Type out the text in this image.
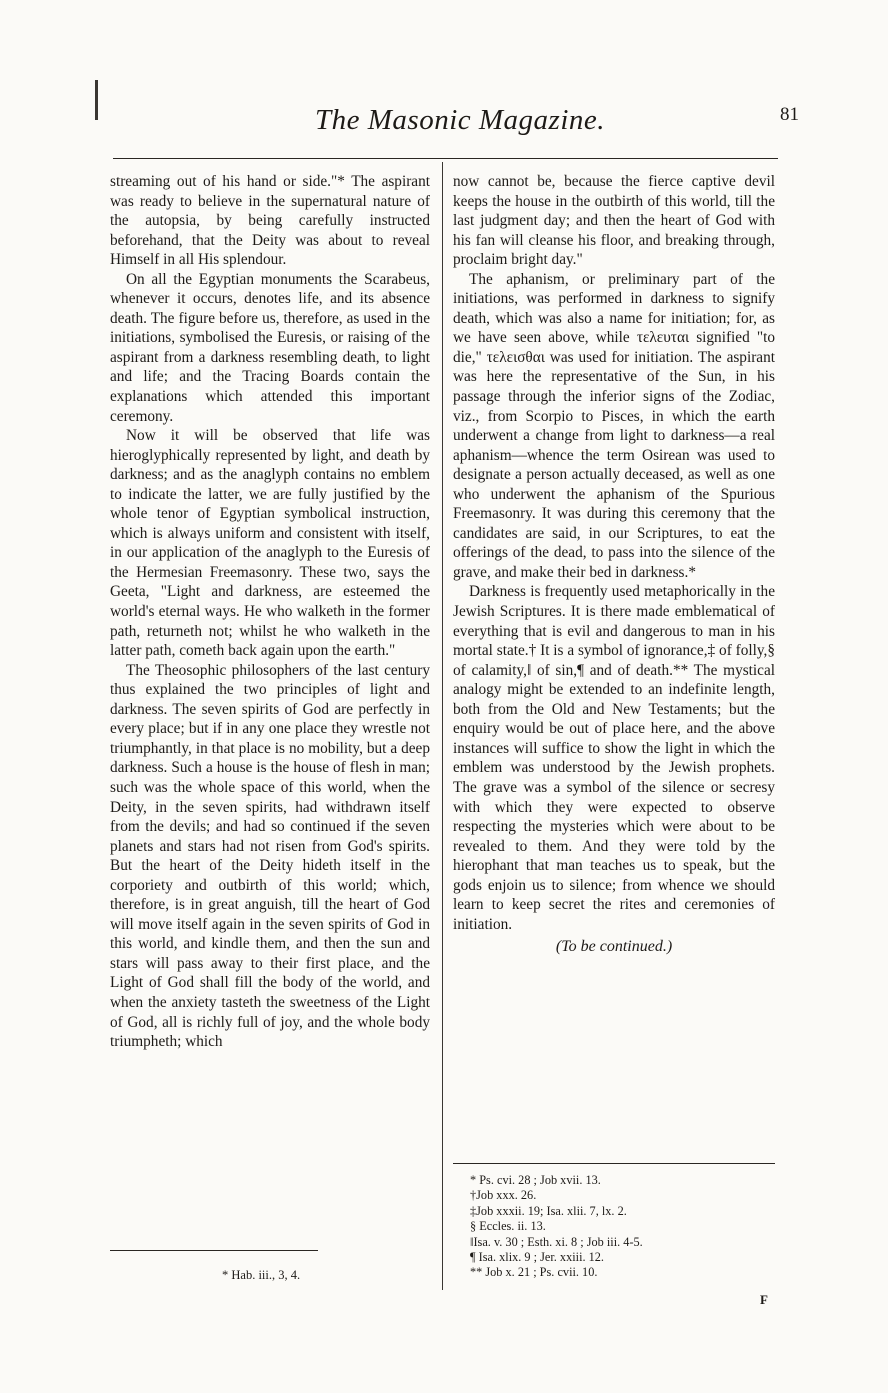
The Masonic Magazine.	81

streaming out of his hand or side."* The aspirant was ready to believe in the supernatural nature of the autopsia, by being carefully instructed beforehand, that the Deity was about to reveal Himself in all His splendour.

On all the Egyptian monuments the Scarabeus, whenever it occurs, denotes life, and its absence death. The figure before us, therefore, as used in the initiations, symbolised the Euresis, or raising of the aspirant from a darkness resembling death, to light and life; and the Tracing Boards contain the explanations which attended this important ceremony.

Now it will be observed that life was hieroglyphically represented by light, and death by darkness; and as the anaglyph contains no emblem to indicate the latter, we are fully justified by the whole tenor of Egyptian symbolical instruction, which is always uniform and consistent with itself, in our application of the anaglyph to the Euresis of the Hermesian Freemasonry. These two, says the Geeta, "Light and darkness, are esteemed the world's eternal ways. He who walketh in the former path, returneth not; whilst he who walketh in the latter path, cometh back again upon the earth."

The Theosophic philosophers of the last century thus explained the two principles of light and darkness. The seven spirits of God are perfectly in every place; but if in any one place they wrestle not triumphantly, in that place is no mobility, but a deep darkness. Such a house is the house of flesh in man; such was the whole space of this world, when the Deity, in the seven spirits, had withdrawn itself from the devils; and had so continued if the seven planets and stars had not risen from God's spirits. But the heart of the Deity hideth itself in the corporiety and outbirth of this world; which, therefore, is in great anguish, till the heart of God will move itself again in the seven spirits of God in this world, and kindle them, and then the sun and stars will pass away to their first place, and the Light of God shall fill the body of the world, and when the anxiety tasteth the sweetness of the Light of God, all is richly full of joy, and the whole body triumpheth; which

* Hab. iii., 3, 4.

now cannot be, because the fierce captive devil keeps the house in the outbirth of this world, till the last judgment day; and then the heart of God with his fan will cleanse his floor, and breaking through, proclaim bright day."

The aphanism, or preliminary part of the initiations, was performed in darkness to signify death, which was also a name for initiation; for, as we have seen above, while τελευται signified "to die," τελεισθαι was used for initiation. The aspirant was here the representative of the Sun, in his passage through the inferior signs of the Zodiac, viz., from Scorpio to Pisces, in which the earth underwent a change from light to darkness—a real aphanism—whence the term Osirean was used to designate a person actually deceased, as well as one who underwent the aphanism of the Spurious Freemasonry. It was during this ceremony that the candidates are said, in our Scriptures, to eat the offerings of the dead, to pass into the silence of the grave, and make their bed in darkness.*

Darkness is frequently used metaphorically in the Jewish Scriptures. It is there made emblematical of everything that is evil and dangerous to man in his mortal state.† It is a symbol of ignorance,‡ of folly,§ of calamity,‖ of sin,¶ and of death.** The mystical analogy might be extended to an indefinite length, both from the Old and New Testaments; but the enquiry would be out of place here, and the above instances will suffice to show the light in which the emblem was understood by the Jewish prophets. The grave was a symbol of the silence or secresy with which they were expected to observe respecting the mysteries which were about to be revealed to them. And they were told by the hierophant that man teaches us to speak, but the gods enjoin us to silence; from whence we should learn to keep secret the rites and ceremonies of initiation.

(To be continued.)
* Ps. cvi. 28 ; Job xvii. 13.
†Job xxx. 26.
‡Job xxxii. 19; Isa. xlii. 7, lx. 2.
§ Eccles. ii. 13.
‖Isa. v. 30 ; Esth. xi. 8 ; Job iii. 4-5.
¶ Isa. xlix. 9 ; Jer. xxiii. 12.
** Job x. 21 ; Ps. cvii. 10.
F
